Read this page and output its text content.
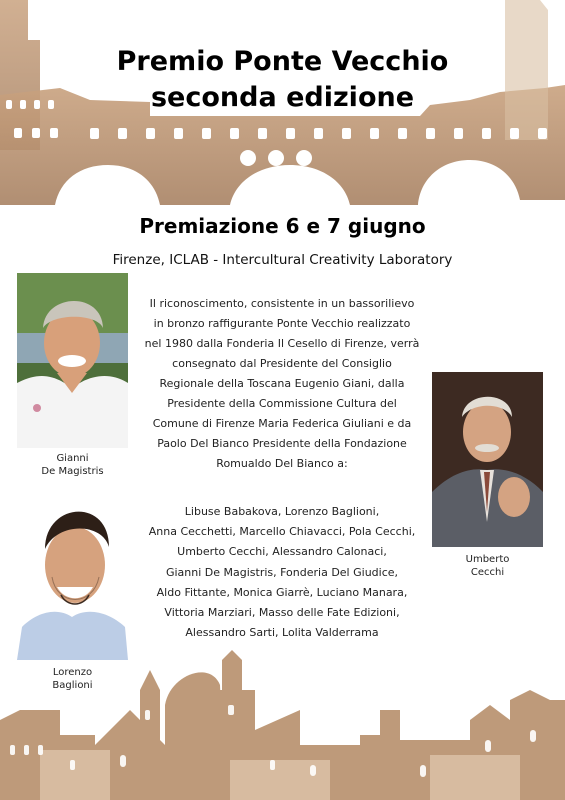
Premio Ponte Vecchio
seconda edizione
Premiazione 6 e 7 giugno
Firenze, ICLAB - Intercultural Creativity Laboratory
Gianni
De Magistris
Lorenzo
Baglioni
Umberto
Cecchi
Il riconoscimento, consistente in un bassorilievo in bronzo raffigurante Ponte Vecchio realizzato nel 1980 dalla Fonderia Il Cesello di Firenze, verrà consegnato dal Presidente del Consiglio Regionale della Toscana Eugenio Giani, dalla Presidente della Commissione Cultura del Comune di Firenze Maria Federica Giuliani e da Paolo Del Bianco Presidente della Fondazione Romualdo Del Bianco a:
Libuse Babakova, Lorenzo Baglioni,
Anna Cecchetti, Marcello Chiavacci, Pola Cecchi,
Umberto Cecchi, Alessandro Calonaci,
Gianni De Magistris, Fonderia Del Giudice,
Aldo Fittante, Monica Giarrè, Luciano Manara,
Vittoria Marziari, Masso delle Fate Edizioni,
Alessandro Sarti, Lolita Valderrama
